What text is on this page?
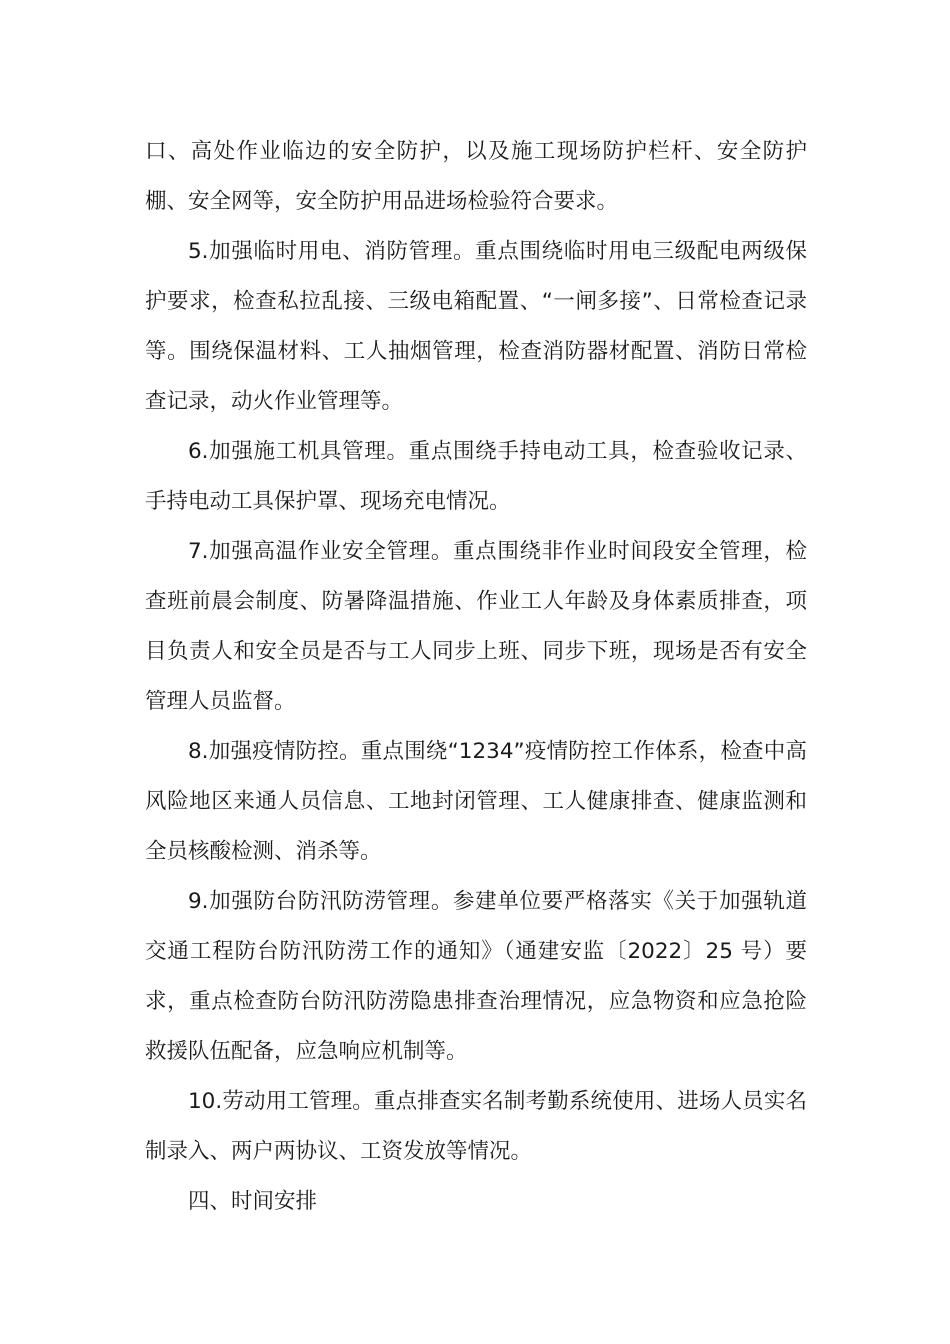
口、高处作业临边的安全防护，以及施工现场防护栏杆、安全防护棚、安全网等，安全防护用品进场检验符合要求。

5.加强临时用电、消防管理。重点围绕临时用电三级配电两级保护要求，检查私拉乱接、三级电箱配置、“一闸多接”、日常检查记录等。围绕保温材料、工人抽烟管理，检查消防器材配置、消防日常检查记录，动火作业管理等。

6.加强施工机具管理。重点围绕手持电动工具，检查验收记录、手持电动工具保护罩、现场充电情况。

7.加强高温作业安全管理。重点围绕非作业时间段安全管理，检查班前晨会制度、防暑降温措施、作业工人年龄及身体素质排查，项目负责人和安全员是否与工人同步上班、同步下班，现场是否有安全管理人员监督。

8.加强疫情防控。重点围绕“1234”疫情防控工作体系，检查中高风险地区来通人员信息、工地封闭管理、工人健康排查、健康监测和全员核酸检测、消杀等。

9.加强防台防汛防涝管理。参建单位要严格落实《关于加强轨道交通工程防台防汛防涝工作的通知》（通建安监〔2022〕25 号）要求，重点检查防台防汛防涝隐患排查治理情况，应急物资和应急抢险救援队伍配备，应急响应机制等。

10.劳动用工管理。重点排查实名制考勤系统使用、进场人员实名制录入、两户两协议、工资发放等情况。

四、时间安排
